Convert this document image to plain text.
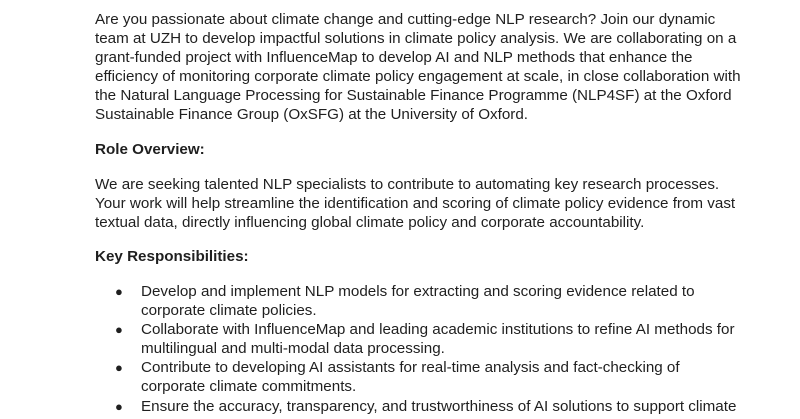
Are you passionate about climate change and cutting-edge NLP research? Join our dynamic
team at UZH to develop impactful solutions in climate policy analysis. We are collaborating on a
grant-funded project with InfluenceMap to develop AI and NLP methods that enhance the
efficiency of monitoring corporate climate policy engagement at scale, in close collaboration with
the Natural Language Processing for Sustainable Finance Programme (NLP4SF) at the Oxford
Sustainable Finance Group (OxSFG) at the University of Oxford.

Role Overview:

We are seeking talented NLP specialists to contribute to automating key research processes.
Your work will help streamline the identification and scoring of climate policy evidence from vast
textual data, directly influencing global climate policy and corporate accountability.

Key Responsibilities:
● Develop and implement NLP models for extracting and scoring evidence related to
corporate climate policies.
● Collaborate with InfluenceMap and leading academic institutions to refine AI methods for
multilingual and multi-modal data processing.
● Contribute to developing AI assistants for real-time analysis and fact-checking of
corporate climate commitments.
● Ensure the accuracy, transparency, and trustworthiness of AI solutions to support climate
